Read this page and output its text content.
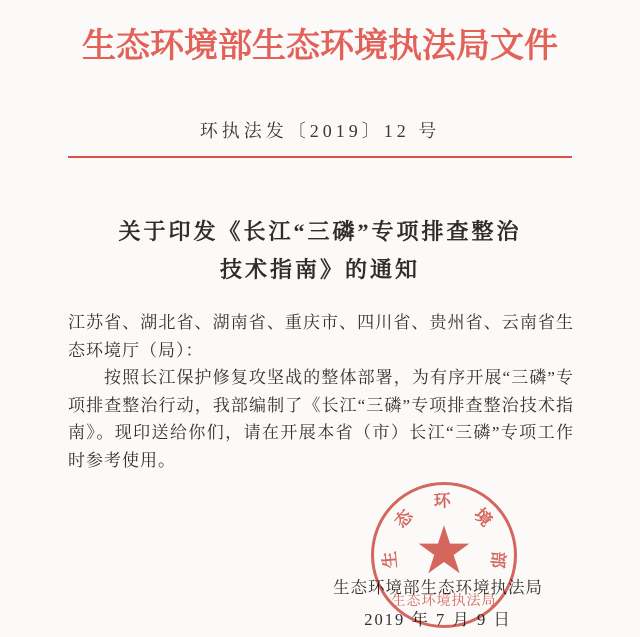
生态环境部生态环境执法局文件
环执法发〔2019〕12 号
关于印发《长江“三磷”专项排查整治
技术指南》的通知

江苏省、湖北省、湖南省、重庆市、四川省、贵州省、云南省生态环境厅（局）：

按照长江保护修复攻坚战的整体部署，为有序开展“三磷”专项排查整治行动，我部编制了《长江“三磷”专项排查整治技术指南》。现印送给你们，请在开展本省（市）长江“三磷”专项工作时参考使用。

生态环境部生态环境执法局
2019 年 7 月 9 日
★
生
态
环
境
部
生态环境执法局
